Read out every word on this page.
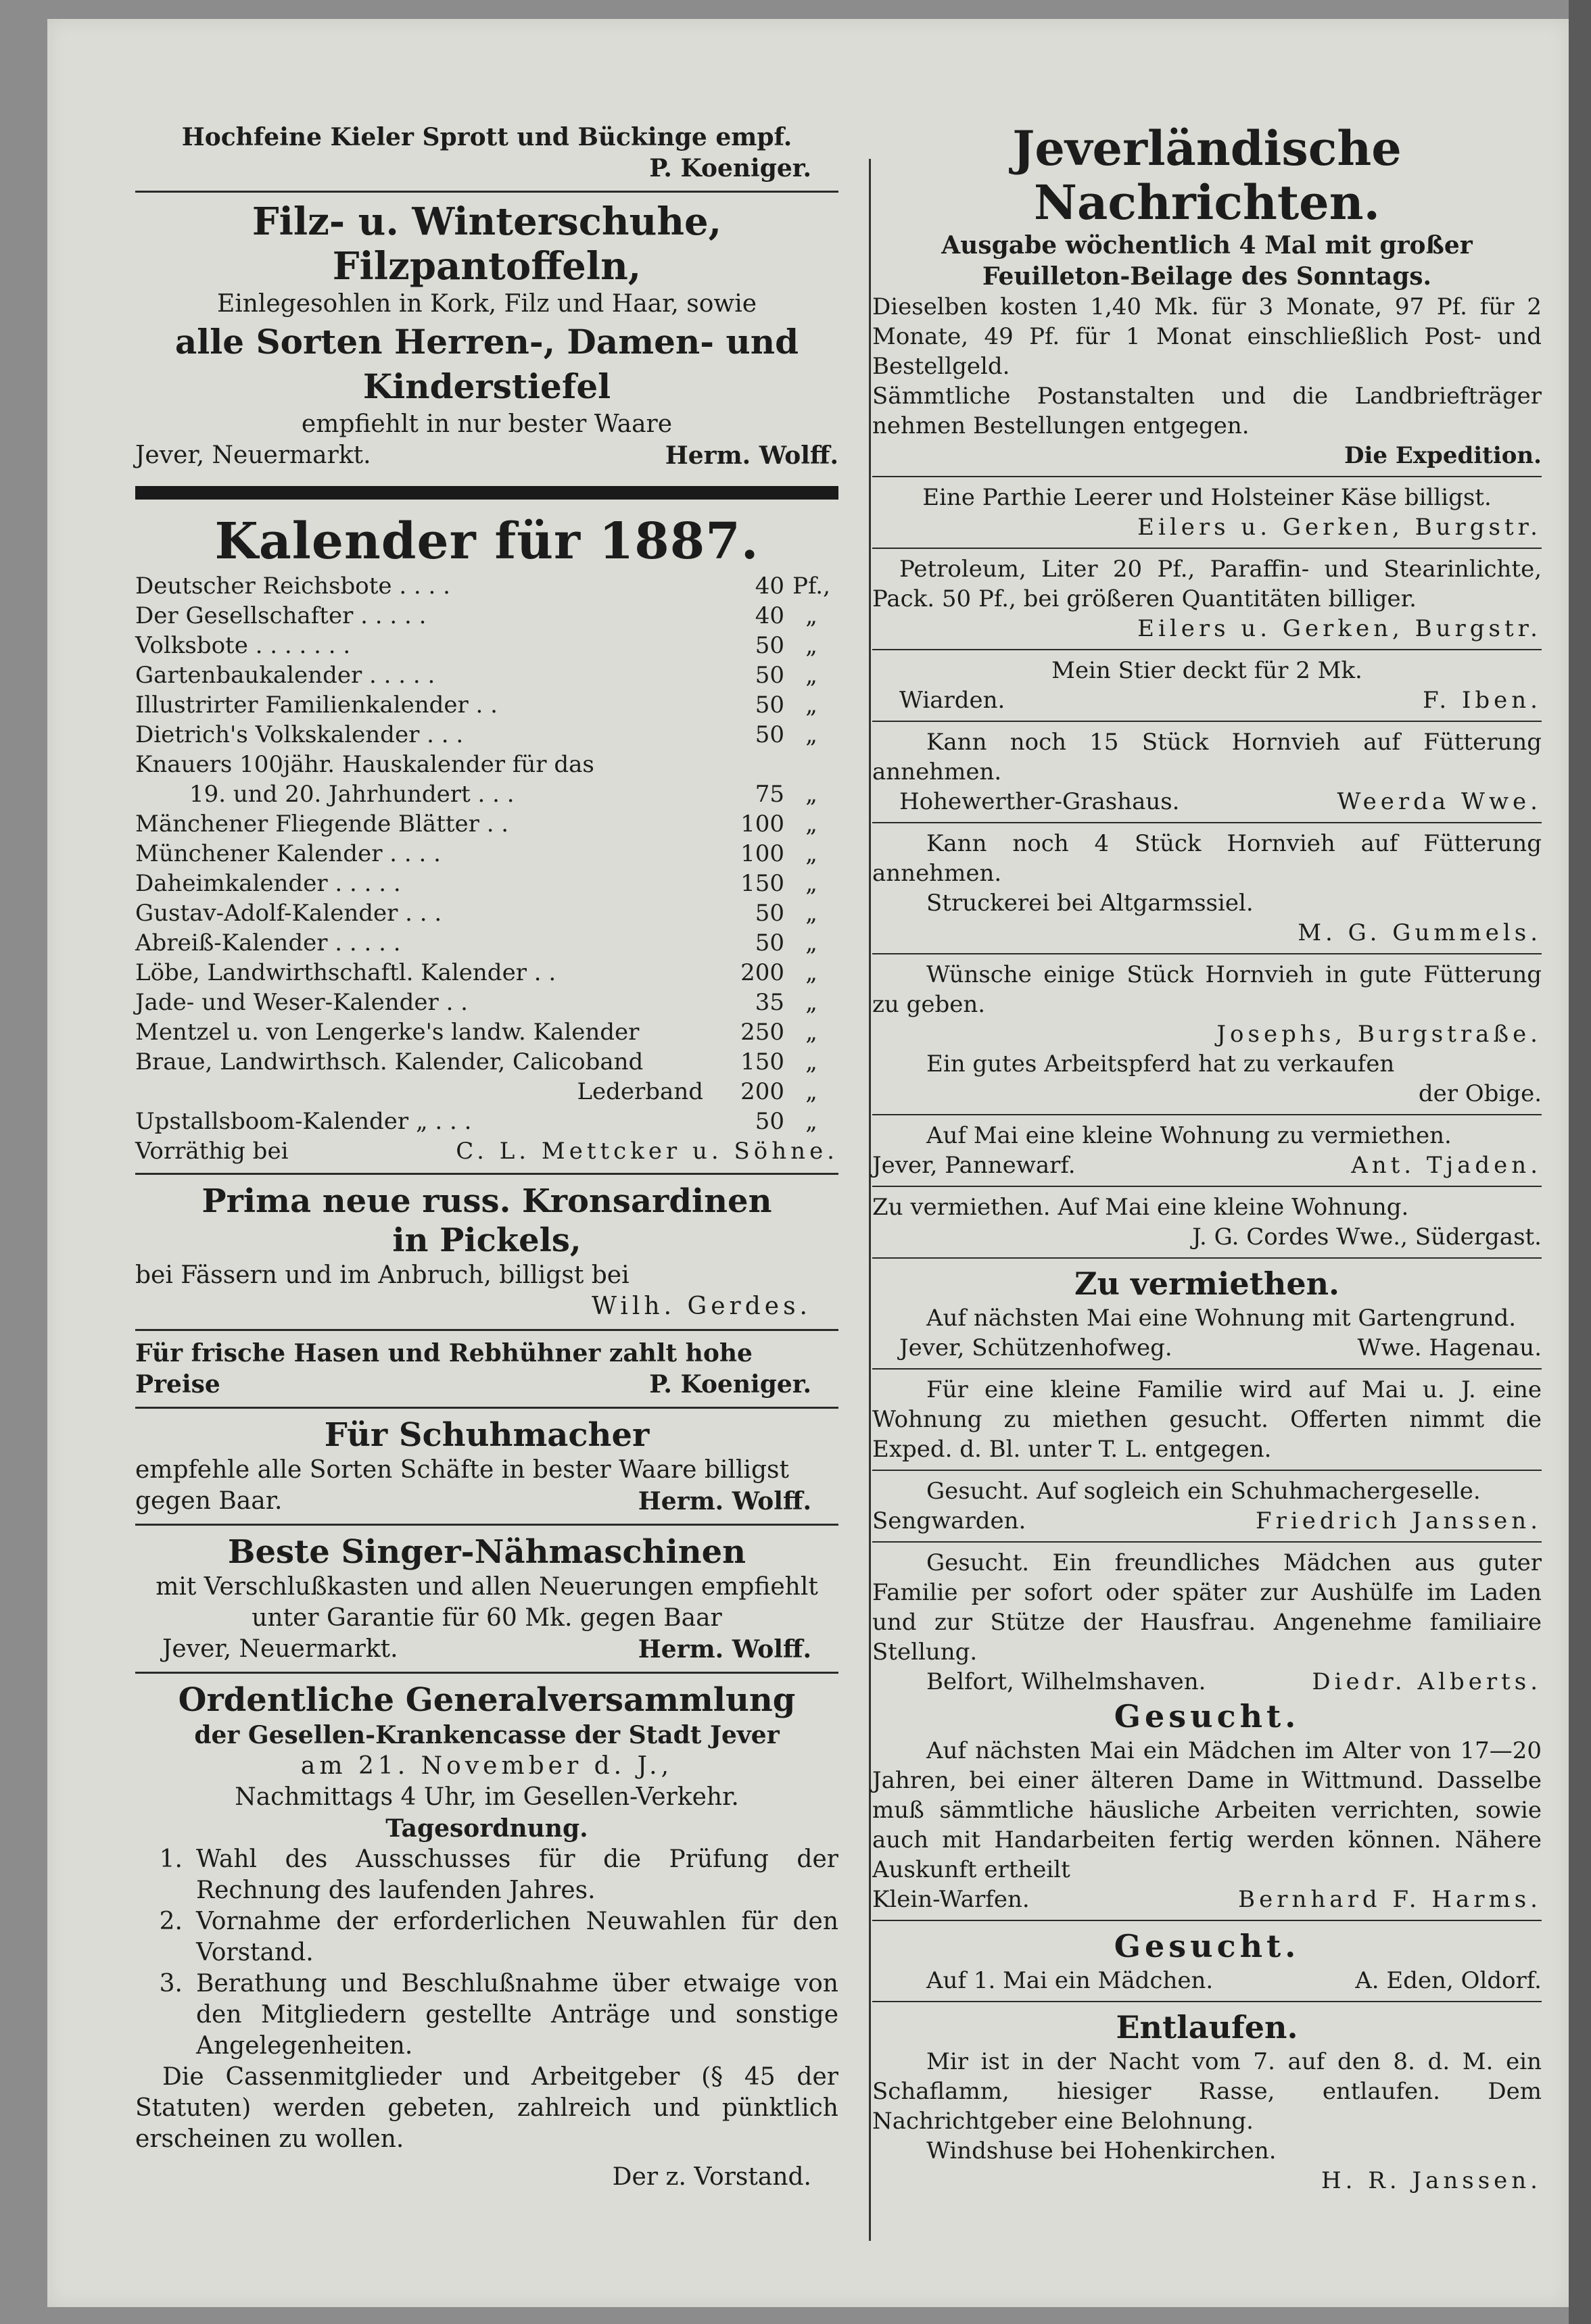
Hochfeine Kieler Sprott und Bückinge empf.
P. Koeniger.
Filz- u. Winterschuhe, Filzpantoffeln,
Einlegesohlen in Kork, Filz und Haar, sowie
alle Sorten Herren-, Damen- und
Kinderstiefel
empfiehlt in nur bester Waare
Jever, Neuermarkt.	Herm. Wolff.
Kalender für 1887.
Deutscher Reichsbote . . . .	40 Pf.,
Der Gesellschafter . . . . .	40 „
Volksbote . . . . . . .	50 „
Gartenbaukalender . . . . .	50 „
Illustrirter Familienkalender . .	50 „
Dietrich's Volkskalender . . .	50 „
Knauers 100jähr. Hauskalender für das
19. und 20. Jahrhundert . . .	75 „
Mänchener Fliegende Blätter . .	100 „
Münchener Kalender . . . .	100 „
Daheimkalender . . . . .	150 „
Gustav-Adolf-Kalender . . .	50 „
Abreiß-Kalender . . . . .	50 „
Löbe, Landwirthschaftl. Kalender . .	200 „
Jade- und Weser-Kalender . .	35 „
Mentzel u. von Lengerke's landw. Kalender	250 „
Braue, Landwirthsch. Kalender, Calicoband	150 „
Lederband	200 „
Upstallsboom-Kalender „ . . .	50 „
Vorräthig bei	C. L. Mettcker u. Söhne.
Prima neue russ. Kronsardinen
in Pickels,
bei Fässern und im Anbruch, billigst bei
Wilh. Gerdes.
Für frische Hasen und Rebhühner zahlt hohe
Preise	P. Koeniger.
Für Schuhmacher
empfehle alle Sorten Schäfte in bester Waare billigst
gegen Baar.	Herm. Wolff.
Beste Singer-Nähmaschinen
mit Verschlußkasten und allen Neuerungen empfiehlt
unter Garantie für 60 Mk. gegen Baar
Jever, Neuermarkt.	Herm. Wolff.
Ordentliche Generalversammlung
der Gesellen-Krankencasse der Stadt Jever
am 21. November d. J.,
Nachmittags 4 Uhr, im Gesellen-Verkehr.
Tagesordnung.
1. Wahl des Ausschusses für die Prüfung der Rechnung des laufenden Jahres.
2. Vornahme der erforderlichen Neuwahlen für den Vorstand.
3. Berathung und Beschlußnahme über etwaige von den Mitgliedern gestellte Anträge und sonstige Angelegenheiten.
Die Cassenmitglieder und Arbeitgeber (§ 45 der Statuten) werden gebeten, zahlreich und pünktlich erscheinen zu wollen.
Der z. Vorstand.
Jeverländische Nachrichten.
Ausgabe wöchentlich 4 Mal mit großer
Feuilleton-Beilage des Sonntags.
Dieselben kosten 1,40 Mk. für 3 Monate, 97 Pf. für 2 Monate, 49 Pf. für 1 Monat einschließlich Post- und Bestellgeld.
Sämmtliche Postanstalten und die Landbriefträger nehmen Bestellungen entgegen.
Die Expedition.
Eine Parthie Leerer und Holsteiner Käse billigst.
Eilers u. Gerken, Burgstr.
Petroleum, Liter 20 Pf., Paraffin- und Stearinlichte, Pack. 50 Pf., bei größeren Quantitäten billiger.
Eilers u. Gerken, Burgstr.
Mein Stier deckt für 2 Mk.
Wiarden.	F. Iben.
Kann noch 15 Stück Hornvieh auf Fütterung annehmen.
Hohewerther-Grashaus.	Weerda Wwe.
Kann noch 4 Stück Hornvieh auf Fütterung annehmen.
Struckerei bei Altgarmssiel.
M. G. Gummels.
Wünsche einige Stück Hornvieh in gute Fütterung zu geben.
Josephs, Burgstraße.
Ein gutes Arbeitspferd hat zu verkaufen
der Obige.
Auf Mai eine kleine Wohnung zu vermiethen.
Jever, Pannewarf.	Ant. Tjaden.
Zu vermiethen. Auf Mai eine kleine Wohnung.
J. G. Cordes Wwe., Südergast.
Zu vermiethen.
Auf nächsten Mai eine Wohnung mit Gartengrund.
Jever, Schützenhofweg.	Wwe. Hagenau.
Für eine kleine Familie wird auf Mai u. J. eine Wohnung zu miethen gesucht. Offerten nimmt die Exped. d. Bl. unter T. L. entgegen.
Gesucht. Auf sogleich ein Schuhmachergeselle.
Sengwarden.	Friedrich Janssen.
Gesucht. Ein freundliches Mädchen aus guter Familie per sofort oder später zur Aushülfe im Laden und zur Stütze der Hausfrau. Angenehme familiaire Stellung.
Belfort, Wilhelmshaven.	Diedr. Alberts.
Gesucht.
Auf nächsten Mai ein Mädchen im Alter von 17—20 Jahren, bei einer älteren Dame in Wittmund. Dasselbe muß sämmtliche häusliche Arbeiten verrichten, sowie auch mit Handarbeiten fertig werden können. Nähere Auskunft ertheilt
Klein-Warfen.	Bernhard F. Harms.
Gesucht.
Auf 1. Mai ein Mädchen.	A. Eden, Oldorf.
Entlaufen.
Mir ist in der Nacht vom 7. auf den 8. d. M. ein Schaflamm, hiesiger Rasse, entlaufen. Dem Nachrichtgeber eine Belohnung.
Windshuse bei Hohenkirchen.
H. R. Janssen.
